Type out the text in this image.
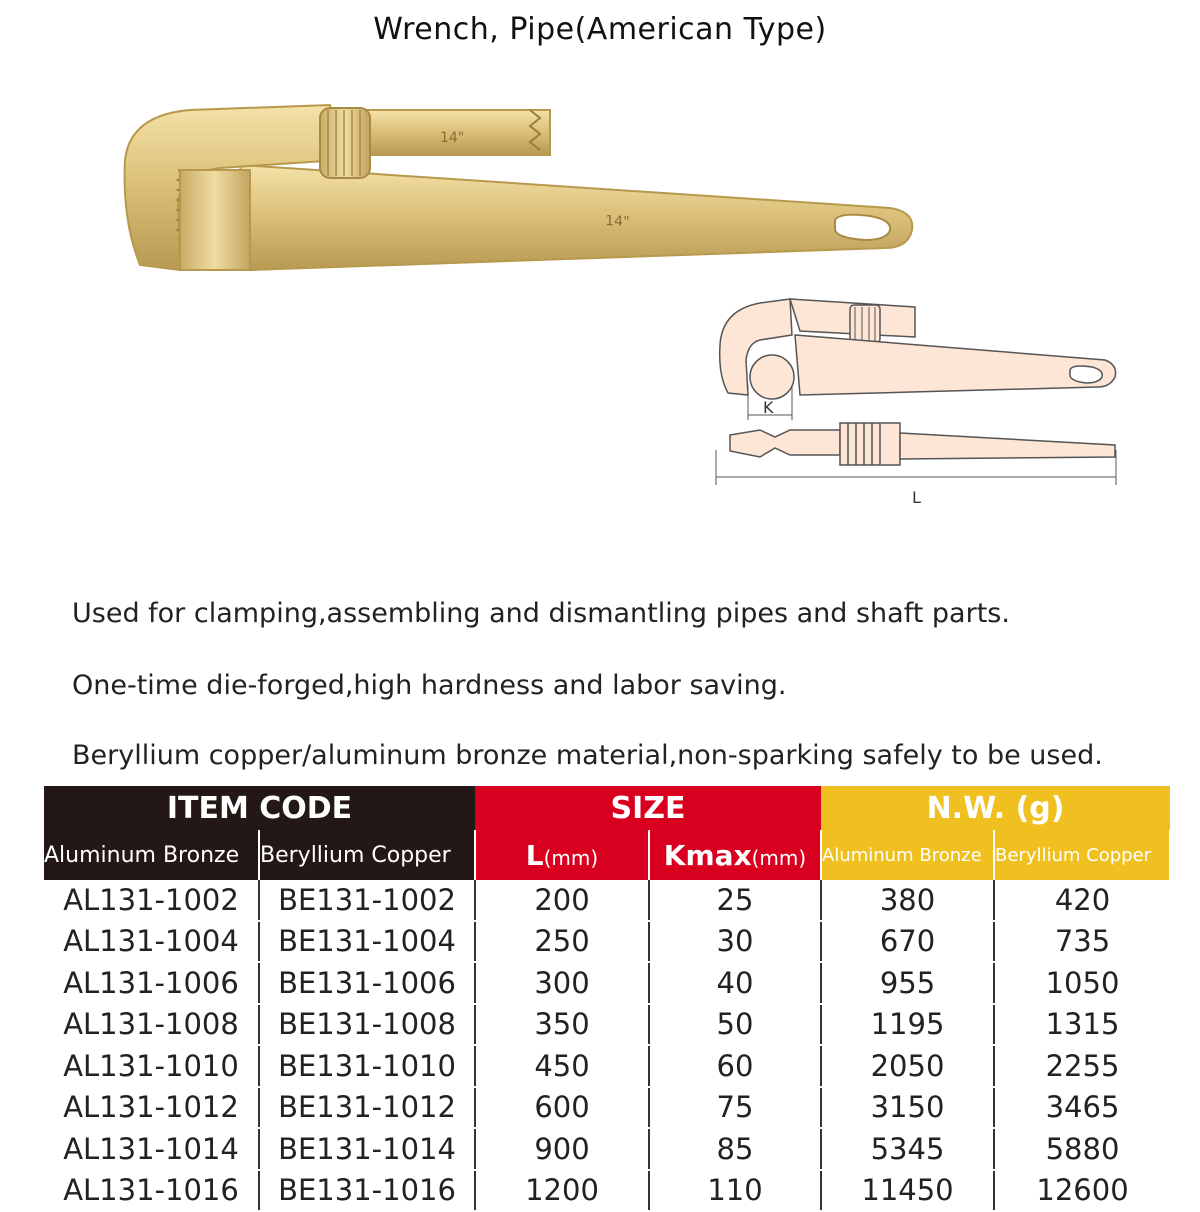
Wrench, Pipe(American Type)
14"
14"
K
L
Used for clamping,assembling and dismantling pipes and shaft parts.
One-time die-forged,high hardness and labor saving.
Beryllium copper/aluminum bronze material,non-sparking safely to be used.
ITEM CODE		SIZE		N.W. (g)	
Aluminum Bronze	Beryllium Copper	L(mm)	Kmax(mm)	Aluminum Bronze	Beryllium Copper
AL131-1002	BE131-1002	200	25	380	420
AL131-1004	BE131-1004	250	30	670	735
AL131-1006	BE131-1006	300	40	955	1050
AL131-1008	BE131-1008	350	50	1195	1315
AL131-1010	BE131-1010	450	60	2050	2255
AL131-1012	BE131-1012	600	75	3150	3465
AL131-1014	BE131-1014	900	85	5345	5880
AL131-1016	BE131-1016	1200	110	11450	12600
